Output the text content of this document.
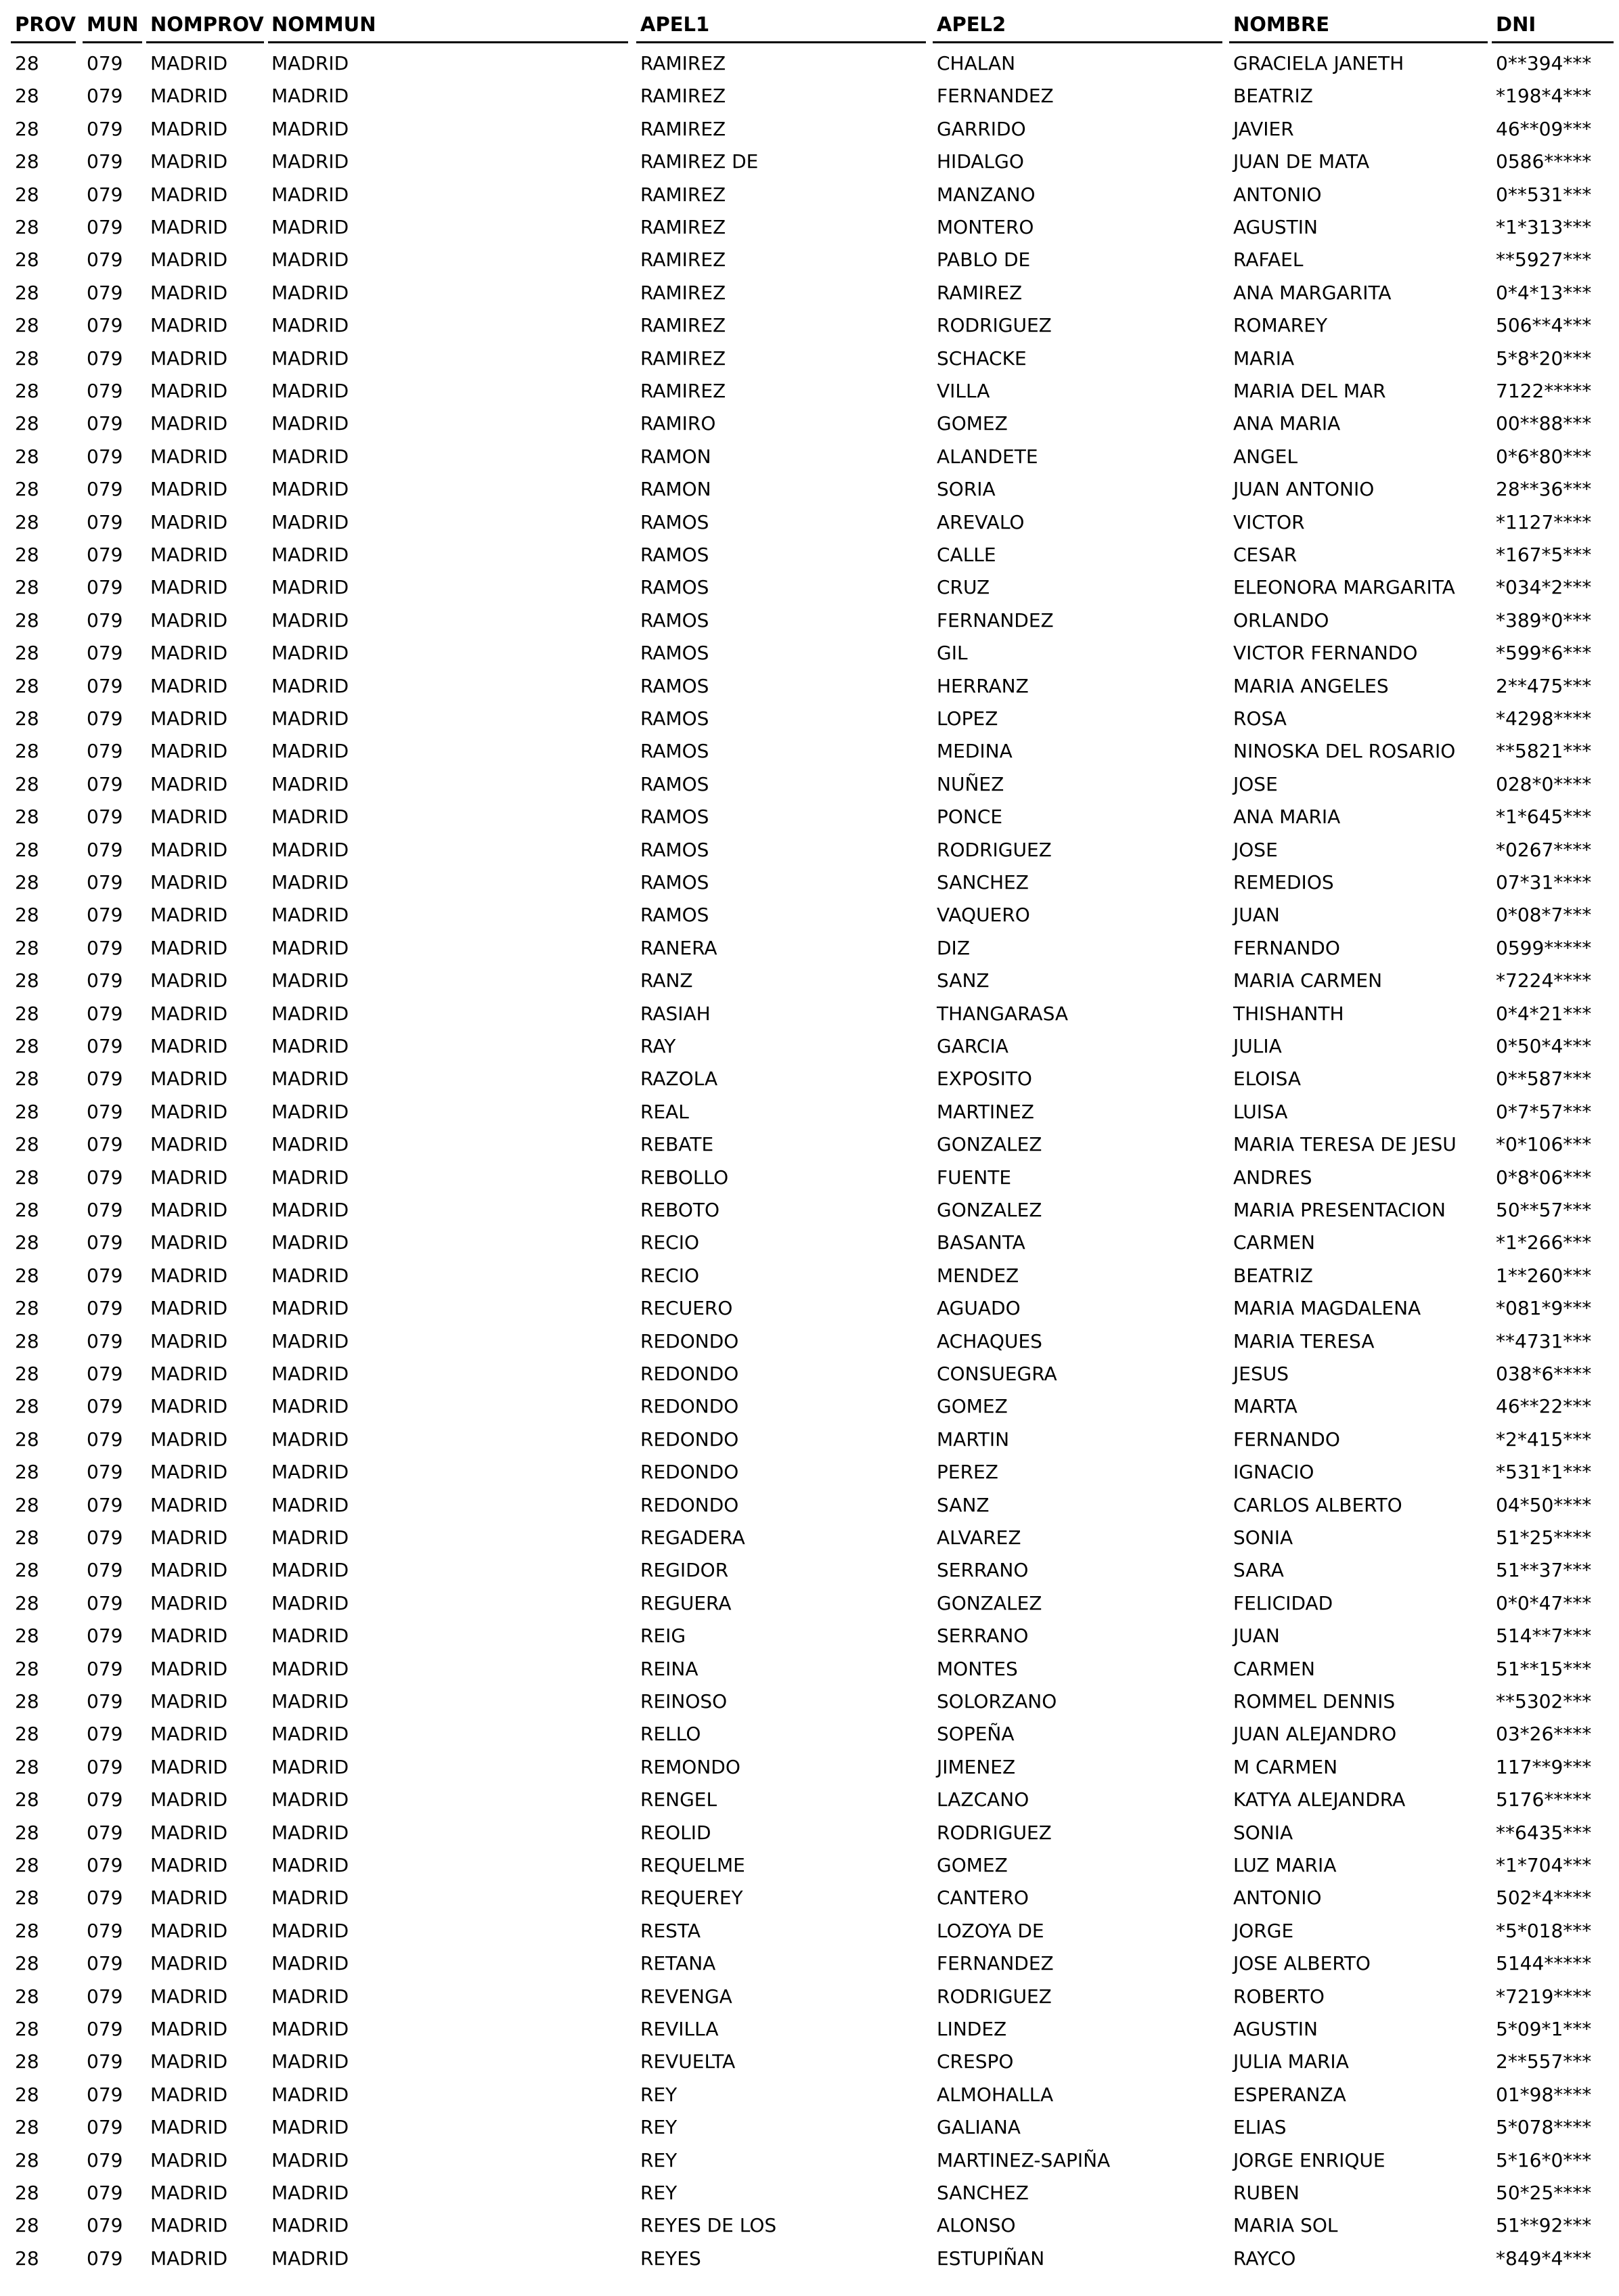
PROV MUN NOMPROV NOMMUN	APEL1	APEL2	NOMBRE	DNI
28	079 MADRID MADRID	RAMIREZ	CHALAN	GRACIELA JANETH	0**394***
28	079 MADRID MADRID	RAMIREZ	FERNANDEZ	BEATRIZ	*198*4***
28	079 MADRID MADRID	RAMIREZ	GARRIDO	JAVIER	46**09***
28	079 MADRID MADRID	RAMIREZ DE	HIDALGO	JUAN DE MATA	0586*****
28	079 MADRID MADRID	RAMIREZ	MANZANO	ANTONIO	0**531***
28	079 MADRID MADRID	RAMIREZ	MONTERO	AGUSTIN	*1*313***
28	079 MADRID MADRID	RAMIREZ	PABLO DE	RAFAEL	**5927***
28	079 MADRID MADRID	RAMIREZ	RAMIREZ	ANA MARGARITA	0*4*13***
28	079 MADRID MADRID	RAMIREZ	RODRIGUEZ	ROMAREY	506**4***
28	079 MADRID MADRID	RAMIREZ	SCHACKE	MARIA	5*8*20***
28	079 MADRID MADRID	RAMIREZ	VILLA	MARIA DEL MAR	7122*****
28	079 MADRID MADRID	RAMIRO	GOMEZ	ANA MARIA	00**88***
28	079 MADRID MADRID	RAMON	ALANDETE	ANGEL	0*6*80***
28	079 MADRID MADRID	RAMON	SORIA	JUAN ANTONIO	28**36***
28	079 MADRID MADRID	RAMOS	AREVALO	VICTOR	*1127****
28	079 MADRID MADRID	RAMOS	CALLE	CESAR	*167*5***
28	079 MADRID MADRID	RAMOS	CRUZ	ELEONORA MARGARITA *034*2***
28	079 MADRID MADRID	RAMOS	FERNANDEZ	ORLANDO	*389*0***
28	079 MADRID MADRID	RAMOS	GIL	VICTOR FERNANDO	*599*6***
28	079 MADRID MADRID	RAMOS	HERRANZ	MARIA ANGELES	2**475***
28	079 MADRID MADRID	RAMOS	LOPEZ	ROSA	*4298****
28	079 MADRID MADRID	RAMOS	MEDINA	NINOSKA DEL ROSARIO **5821***
28	079 MADRID MADRID	RAMOS	NUÑEZ	JOSE	028*0****
28	079 MADRID MADRID	RAMOS	PONCE	ANA MARIA	*1*645***
28	079 MADRID MADRID	RAMOS	RODRIGUEZ	JOSE	*0267****
28	079 MADRID MADRID	RAMOS	SANCHEZ	REMEDIOS	07*31****
28	079 MADRID MADRID	RAMOS	VAQUERO	JUAN	0*08*7***
28	079 MADRID MADRID	RANERA	DIZ	FERNANDO	0599*****
28	079 MADRID MADRID	RANZ	SANZ	MARIA CARMEN	*7224****
28	079 MADRID MADRID	RASIAH	THANGARASA	THISHANTH	0*4*21***
28	079 MADRID MADRID	RAY	GARCIA	JULIA	0*50*4***
28	079 MADRID MADRID	RAZOLA	EXPOSITO	ELOISA	0**587***
28	079 MADRID MADRID	REAL	MARTINEZ	LUISA	0*7*57***
28	079 MADRID MADRID	REBATE	GONZALEZ	MARIA TERESA DE JESU *0*106***
28	079 MADRID MADRID	REBOLLO	FUENTE	ANDRES	0*8*06***
28	079 MADRID MADRID	REBOTO	GONZALEZ	MARIA PRESENTACION	50**57***
28	079 MADRID MADRID	RECIO	BASANTA	CARMEN	*1*266***
28	079 MADRID MADRID	RECIO	MENDEZ	BEATRIZ	1**260***
28	079 MADRID MADRID	RECUERO	AGUADO	MARIA MAGDALENA	*081*9***
28	079 MADRID MADRID	REDONDO	ACHAQUES	MARIA TERESA	**4731***
28	079 MADRID MADRID	REDONDO	CONSUEGRA	JESUS	038*6****
28	079 MADRID MADRID	REDONDO	GOMEZ	MARTA	46**22***
28	079 MADRID MADRID	REDONDO	MARTIN	FERNANDO	*2*415***
28	079 MADRID MADRID	REDONDO	PEREZ	IGNACIO	*531*1***
28	079 MADRID MADRID	REDONDO	SANZ	CARLOS ALBERTO	04*50****
28	079 MADRID MADRID	REGADERA	ALVAREZ	SONIA	51*25****
28	079 MADRID MADRID	REGIDOR	SERRANO	SARA	51**37***
28	079 MADRID MADRID	REGUERA	GONZALEZ	FELICIDAD	0*0*47***
28	079 MADRID MADRID	REIG	SERRANO	JUAN	514**7***
28	079 MADRID MADRID	REINA	MONTES	CARMEN	51**15***
28	079 MADRID MADRID	REINOSO	SOLORZANO	ROMMEL DENNIS	**5302***
28	079 MADRID MADRID	RELLO	SOPEÑA	JUAN ALEJANDRO	03*26****
28	079 MADRID MADRID	REMONDO	JIMENEZ	M CARMEN	117**9***
28	079 MADRID MADRID	RENGEL	LAZCANO	KATYA ALEJANDRA	5176*****
28	079 MADRID MADRID	REOLID	RODRIGUEZ	SONIA	**6435***
28	079 MADRID MADRID	REQUELME	GOMEZ	LUZ MARIA	*1*704***
28	079 MADRID MADRID	REQUEREY	CANTERO	ANTONIO	502*4****
28	079 MADRID MADRID	RESTA	LOZOYA DE	JORGE	*5*018***
28	079 MADRID MADRID	RETANA	FERNANDEZ	JOSE ALBERTO	5144*****
28	079 MADRID MADRID	REVENGA	RODRIGUEZ	ROBERTO	*7219****
28	079 MADRID MADRID	REVILLA	LINDEZ	AGUSTIN	5*09*1***
28	079 MADRID MADRID	REVUELTA	CRESPO	JULIA MARIA	2**557***
28	079 MADRID MADRID	REY	ALMOHALLA	ESPERANZA	01*98****
28	079 MADRID MADRID	REY	GALIANA	ELIAS	5*078****
28	079 MADRID MADRID	REY	MARTINEZ-SAPIÑA	JORGE ENRIQUE	5*16*0***
28	079 MADRID MADRID	REY	SANCHEZ	RUBEN	50*25****
28	079 MADRID MADRID	REYES DE LOS	ALONSO	MARIA SOL	51**92***
28	079 MADRID MADRID	REYES	ESTUPIÑAN	RAYCO	*849*4***
